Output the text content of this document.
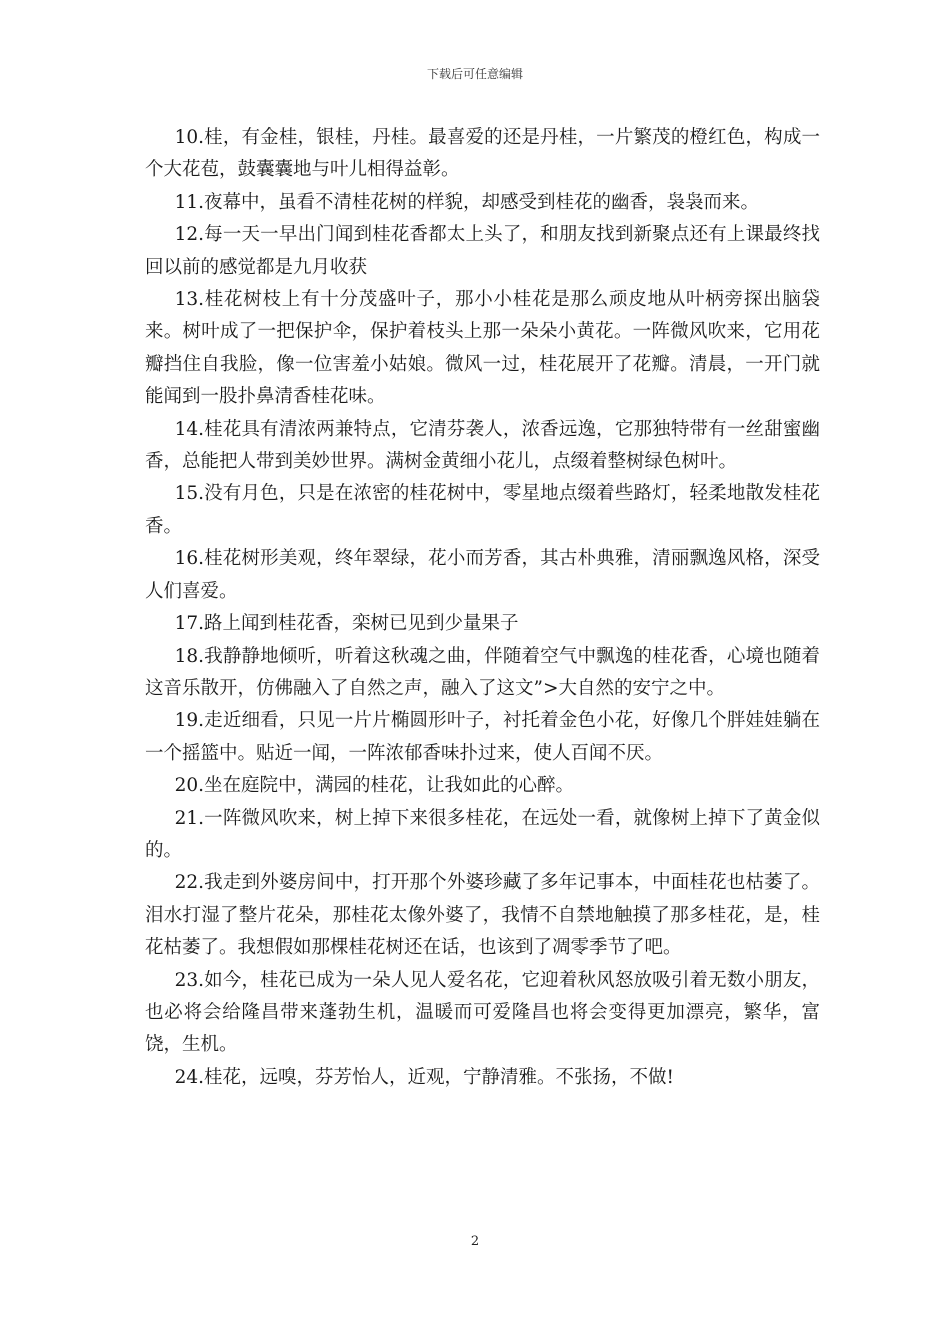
下载后可任意编辑

10.桂，有金桂，银桂，丹桂。最喜爱的还是丹桂，一片繁茂的橙红色，构成一个大花苞，鼓囊囊地与叶儿相得益彰。

11.夜幕中，虽看不清桂花树的样貌，却感受到桂花的幽香，袅袅而来。

12.每一天一早出门闻到桂花香都太上头了，和朋友找到新聚点还有上课最终找回以前的感觉都是九月收获

13.桂花树枝上有十分茂盛叶子，那小小桂花是那么顽皮地从叶柄旁探出脑袋来。树叶成了一把保护伞，保护着枝头上那一朵朵小黄花。一阵微风吹来，它用花瓣挡住自我脸，像一位害羞小姑娘。微风一过，桂花展开了花瓣。清晨，一开门就能闻到一股扑鼻清香桂花味。

14.桂花具有清浓两兼特点，它清芬袭人，浓香远逸，它那独特带有一丝甜蜜幽香，总能把人带到美妙世界。满树金黄细小花儿，点缀着整树绿色树叶。

15.没有月色，只是在浓密的桂花树中，零星地点缀着些路灯，轻柔地散发桂花香。

16.桂花树形美观，终年翠绿，花小而芳香，其古朴典雅，清丽飘逸风格，深受人们喜爱。

17.路上闻到桂花香，栾树已见到少量果子

18.我静静地倾听，听着这秋魂之曲，伴随着空气中飘逸的桂花香，心境也随着这音乐散开，仿佛融入了自然之声，融入了这文”>大自然的安宁之中。

19.走近细看，只见一片片椭圆形叶子，衬托着金色小花，好像几个胖娃娃躺在一个摇篮中。贴近一闻，一阵浓郁香味扑过来，使人百闻不厌。

20.坐在庭院中，满园的桂花，让我如此的心醉。

21.一阵微风吹来，树上掉下来很多桂花，在远处一看，就像树上掉下了黄金似的。

22.我走到外婆房间中，打开那个外婆珍藏了多年记事本，中面桂花也枯萎了。泪水打湿了整片花朵，那桂花太像外婆了，我情不自禁地触摸了那多桂花，是，桂花枯萎了。我想假如那棵桂花树还在话，也该到了凋零季节了吧。

23.如今，桂花已成为一朵人见人爱名花，它迎着秋风怒放吸引着无数小朋友，也必将会给隆昌带来蓬勃生机，温暖而可爱隆昌也将会变得更加漂亮，繁华，富饶，生机。

24.桂花，远嗅，芬芳怡人，近观，宁静清雅。不张扬，不做!

2
